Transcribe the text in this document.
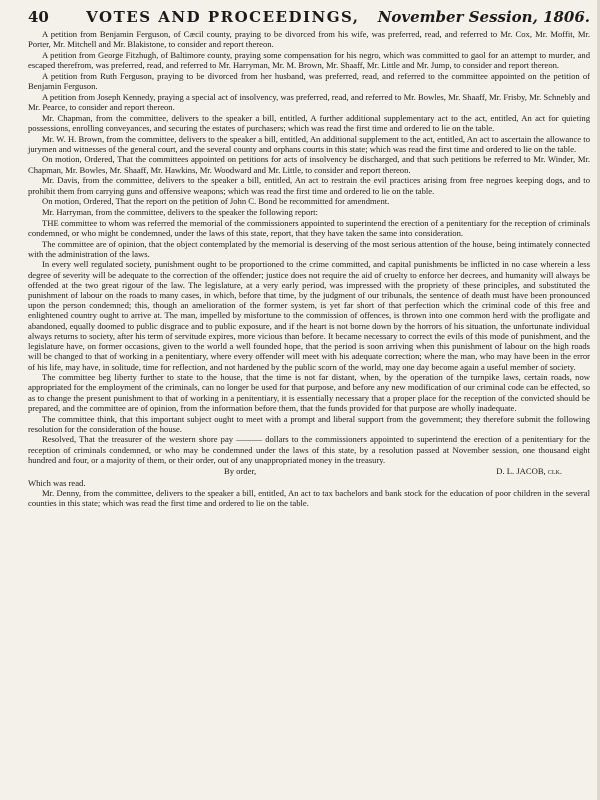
40	VOTES AND PROCEEDINGS,	November Session, 1806.

A petition from Benjamin Ferguson, of Cæcil county, praying to be divorced from his wife, was preferred, read, and referred to Mr. Cox, Mr. Moffit, Mr. Porter, Mr. Mitchell and Mr. Blakistone, to consider and report thereon.

A petition from George Fitzhugh, of Baltimore county, praying some compensation for his negro, which was committed to gaol for an attempt to murder, and escaped therefrom, was preferred, read, and referred to Mr. Harryman, Mr. M. Brown, Mr. Shaaff, Mr. Little and Mr. Jump, to consider and report thereon.

A petition from Ruth Ferguson, praying to be divorced from her husband, was preferred, read, and referred to the committee appointed on the petition of Benjamin Ferguson.

A petition from Joseph Kennedy, praying a special act of insolvency, was preferred, read, and referred to Mr. Bowles, Mr. Shaaff, Mr. Frisby, Mr. Schnebly and Mr. Pearce, to consider and report thereon.

Mr. Chapman, from the committee, delivers to the speaker a bill, entitled, A further additional supplementary act to the act, entitled, An act for quieting possessions, enrolling conveyances, and securing the estates of purchasers; which was read the first time and ordered to lie on the table.

Mr. W. H. Brown, from the committee, delivers to the speaker a bill, entitled, An additional supplement to the act, entitled, An act to ascertain the allowance to jurymen and witnesses of the general court, and the several county and orphans courts in this state; which was read the first time and ordered to lie on the table.

On motion, Ordered, That the committees appointed on petitions for acts of insolvency be discharged, and that such petitions be referred to Mr. Winder, Mr. Chapman, Mr. Bowles, Mr. Shaaff, Mr. Hawkins, Mr. Woodward and Mr. Little, to consider and report thereon.

Mr. Davis, from the committee, delivers to the speaker a bill, entitled, An act to restrain the evil practices arising from free negroes keeping dogs, and to prohibit them from carrying guns and offensive weapons; which was read the first time and ordered to lie on the table.

On motion, Ordered, That the report on the petition of John C. Bond be recommitted for amendment.

Mr. Harryman, from the committee, delivers to the speaker the following report:

THE committee to whom was referred the memorial of the commissioners appointed to superintend the erection of a penitentiary for the reception of criminals condemned, or who might be condemned, under the laws of this state, report, that they have taken the same into consideration.

The committee are of opinion, that the object contemplated by the memorial is deserving of the most serious attention of the house, being intimately connected with the administration of the laws.

In every well regulated society, punishment ought to be proportioned to the crime committed, and capital punishments be inflicted in no case wherein a less degree of severity will be adequate to the correction of the offender; justice does not require the aid of cruelty to enforce her decrees, and humanity will always be offended at the two great rigour of the law. The legislature, at a very early period, was impressed with the propriety of these principles, and substituted the punishment of labour on the roads to many cases, in which, before that time, by the judgment of our tribunals, the sentence of death must have been pronounced upon the person condemned; this, though an amelioration of the former system, is yet far short of that perfection which the criminal code of this free and enlightened country ought to arrive at. The man, impelled by misfortune to the commission of offences, is thrown into one common herd with the profligate and abandoned, equally doomed to public disgrace and to public exposure, and if the heart is not borne down by the horrors of his situation, the unfortunate individual always returns to society, after his term of servitude expires, more vicious than before. It became necessary to correct the evils of this mode of punishment, and the legislature have, on former occasions, given to the world a well founded hope, that the period is soon arriving when this punishment of labour on the high roads will be changed to that of working in a penitentiary, where every offender will meet with his adequate correction; where the man, who may have been in the error of his life, may have, in solitude, time for reflection, and not hardened by the public scorn of the world, may one day become again a useful member of society.

The committee beg liberty further to state to the house, that the time is not far distant, when, by the operation of the turnpike laws, certain roads, now appropriated for the employment of the criminals, can no longer be used for that purpose, and before any new modification of our criminal code can be effected, so as to change the present punishment to that of working in a penitentiary, it is essentially necessary that a proper place for the reception of the convicted should be prepared, and the committee are of opinion, from the information before them, that the funds provided for that purpose are wholly inadequate.

The committee think, that this important subject ought to meet with a prompt and liberal support from the government; they therefore submit the following resolution for the consideration of the house.

Resolved, That the treasurer of the western shore pay ——— dollars to the commissioners appointed to superintend the erection of a penitentiary for the reception of criminals condemned, or who may be condemned under the laws of this state, by a resolution passed at November session, one thousand eight hundred and four, or a majority of them, or their order, out of any unappropriated money in the treasury.

By order,	D. L. JACOB, clk.
Which was read.

Mr. Denny, from the committee, delivers to the speaker a bill, entitled, An act to tax bachelors and bank stock for the education of poor children in the several counties in this state; which was read the first time and ordered to lie on the table.
